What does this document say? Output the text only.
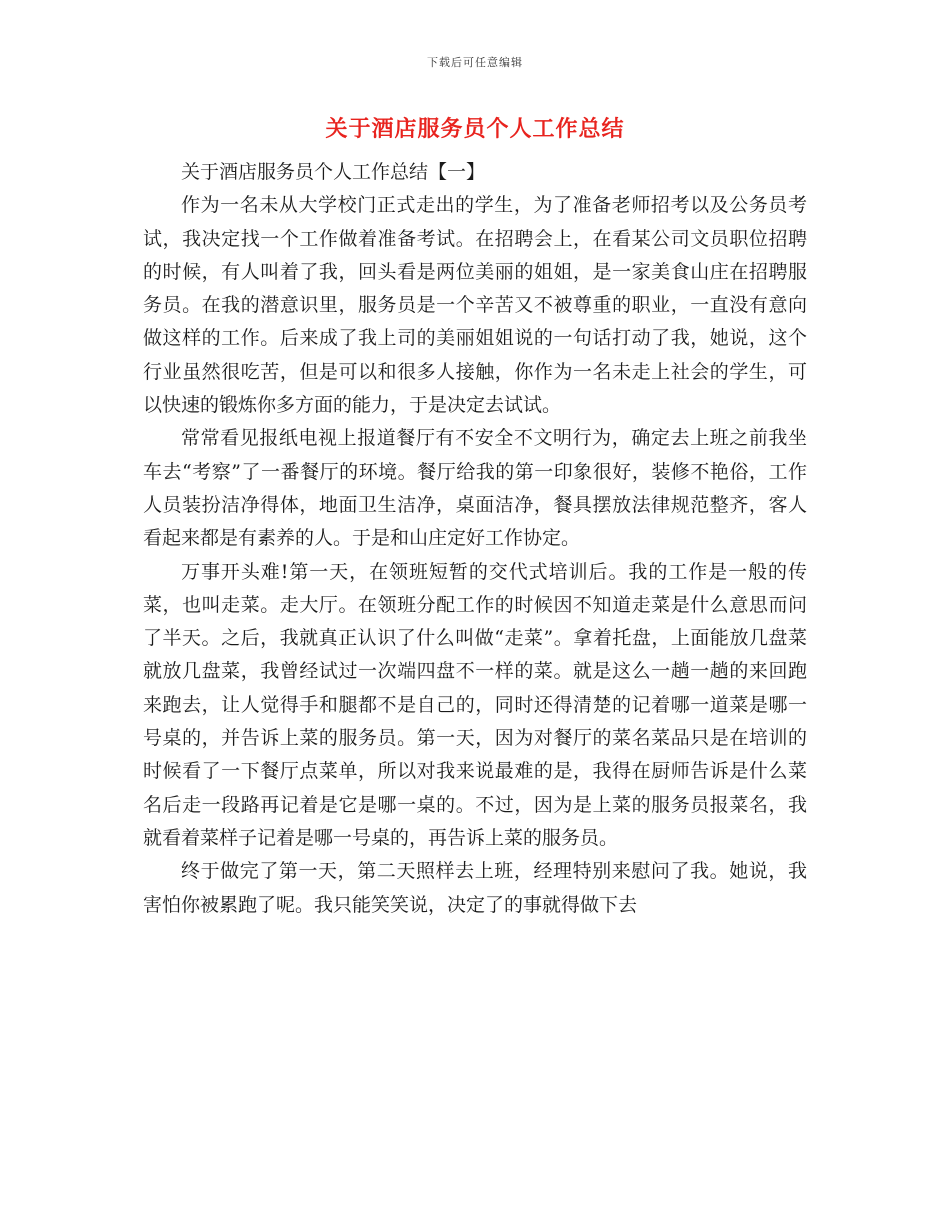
下载后可任意编辑
关于酒店服务员个人工作总结

关于酒店服务员个人工作总结【一】

作为一名未从大学校门正式走出的学生，为了准备老师招考以及公务员考试，我决定找一个工作做着准备考试。在招聘会上，在看某公司文员职位招聘的时候，有人叫着了我，回头看是两位美丽的姐姐，是一家美食山庄在招聘服务员。在我的潜意识里，服务员是一个辛苦又不被尊重的职业，一直没有意向做这样的工作。后来成了我上司的美丽姐姐说的一句话打动了我，她说，这个行业虽然很吃苦，但是可以和很多人接触，你作为一名未走上社会的学生，可以快速的锻炼你多方面的能力，于是决定去试试。

常常看见报纸电视上报道餐厅有不安全不文明行为，确定去上班之前我坐车去“考察”了一番餐厅的环境。餐厅给我的第一印象很好，装修不艳俗，工作人员装扮洁净得体，地面卫生洁净，桌面洁净，餐具摆放法律规范整齐，客人看起来都是有素养的人。于是和山庄定好工作协定。

万事开头难!第一天，在领班短暂的交代式培训后。我的工作是一般的传菜，也叫走菜。走大厅。在领班分配工作的时候因不知道走菜是什么意思而问了半天。之后，我就真正认识了什么叫做“走菜”。拿着托盘，上面能放几盘菜就放几盘菜，我曾经试过一次端四盘不一样的菜。就是这么一趟一趟的来回跑来跑去，让人觉得手和腿都不是自己的，同时还得清楚的记着哪一道菜是哪一号桌的，并告诉上菜的服务员。第一天，因为对餐厅的菜名菜品只是在培训的时候看了一下餐厅点菜单，所以对我来说最难的是，我得在厨师告诉是什么菜名后走一段路再记着是它是哪一桌的。不过，因为是上菜的服务员报菜名，我就看着菜样子记着是哪一号桌的，再告诉上菜的服务员。

终于做完了第一天，第二天照样去上班，经理特别来慰问了我。她说，我害怕你被累跑了呢。我只能笑笑说，决定了的事就得做下去
